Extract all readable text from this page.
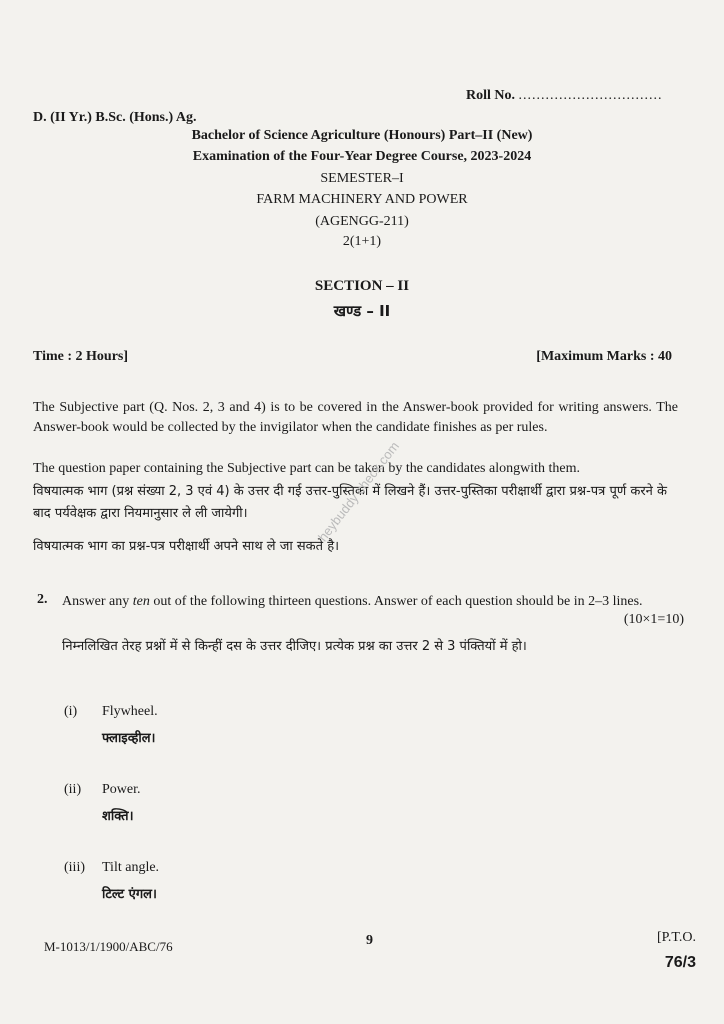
Roll No. ................................
D. (II Yr.) B.Sc. (Hons.) Ag.
Bachelor of Science Agriculture (Honours) Part–II (New)
Examination of the Four-Year Degree Course, 2023-2024
SEMESTER–I
FARM MACHINERY AND POWER
(AGENGG-211)
2(1+1)
SECTION – II
खण्ड – II
Time : 2 Hours]	[Maximum Marks : 40
The Subjective part (Q. Nos. 2, 3 and 4) is to be covered in the Answer-book provided for writing answers. The Answer-book would be collected by the invigilator when the candidate finishes as per rules.
The question paper containing the Subjective part can be taken by the candidates alongwith them.
विषयात्मक भाग (प्रश्न संख्या 2, 3 एवं 4) के उत्तर दी गई उत्तर-पुस्तिका में लिखने हैं। उत्तर-पुस्तिका परीक्षार्थी द्वारा प्रश्न-पत्र पूर्ण करने के बाद पर्यवेक्षक द्वारा नियमानुसार ले ली जायेगी।
विषयात्मक भाग का प्रश्न-पत्र परीक्षार्थी अपने साथ ले जा सकते है।
2. Answer any ten out of the following thirteen questions. Answer of each question should be in 2–3 lines.
(10×1=10)
निम्नलिखित तेरह प्रश्नों में से किन्हीं दस के उत्तर दीजिए। प्रत्येक प्रश्न का उत्तर 2 से 3 पंक्तियों में हो।
(i) Flywheel.
फ्लाइव्हील।
(ii) Power.
शक्ति।
(iii) Tilt angle.
टिल्ट एंगल।
M-1013/1/1900/ABC/76	9	[P.T.O.
76/3
heybuddy check.com
